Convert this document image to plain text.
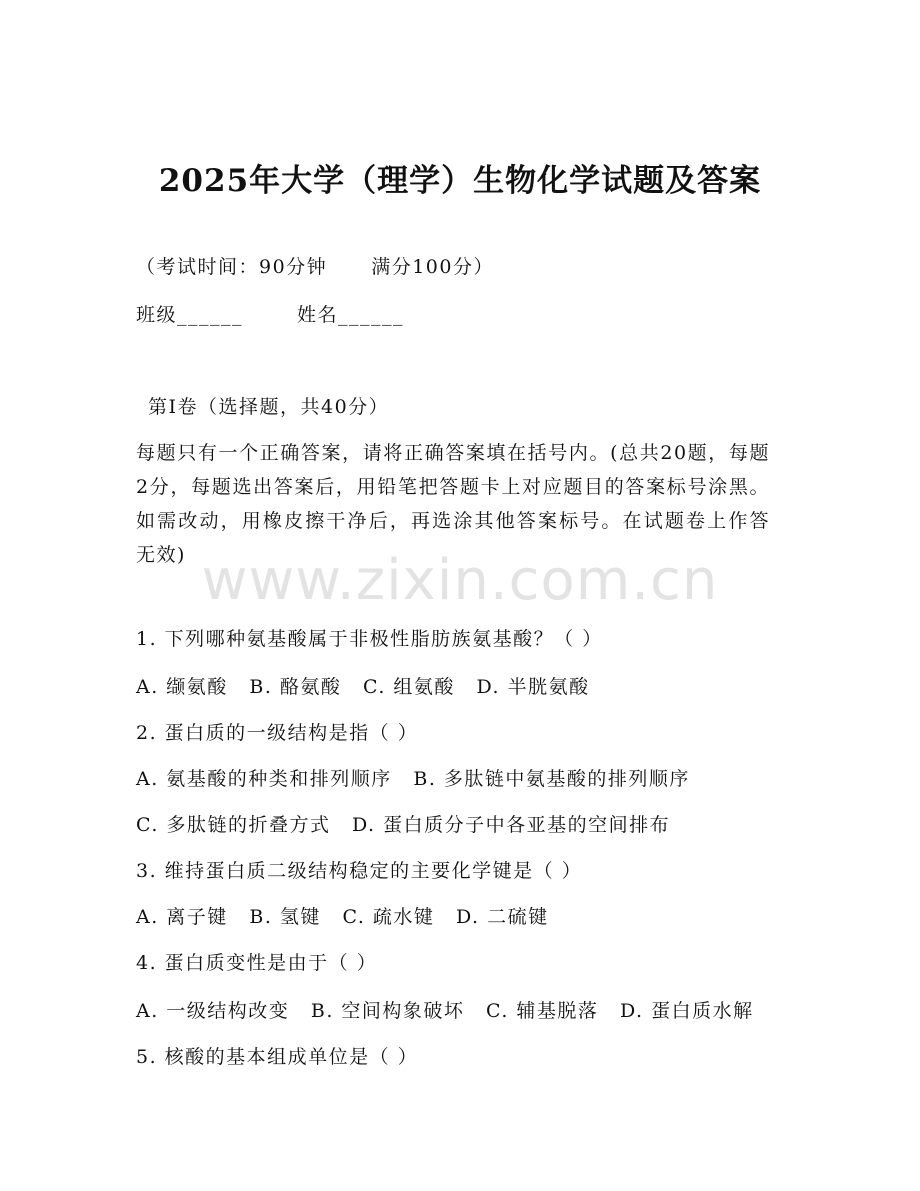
2025年大学（理学）生物化学试题及答案
（考试时间：90分钟 满分100分）
班级______	姓名______
第Ⅰ卷（选择题，共40分）
每题只有一个正确答案，请将正确答案填在括号内。(总共20题，每题2分，每题选出答案后，用铅笔把答题卡上对应题目的答案标号涂黑。如需改动，用橡皮擦干净后，再选涂其他答案标号。在试题卷上作答无效) www.zixin.com.cn
1. 下列哪种氨基酸属于非极性脂肪族氨基酸？（ ）
A. 缬氨酸 B. 酪氨酸 C. 组氨酸 D. 半胱氨酸
2. 蛋白质的一级结构是指（ ）
A. 氨基酸的种类和排列顺序 B. 多肽链中氨基酸的排列顺序
C. 多肽链的折叠方式 D. 蛋白质分子中各亚基的空间排布
3. 维持蛋白质二级结构稳定的主要化学键是（ ）
A. 离子键 B. 氢键 C. 疏水键 D. 二硫键
4. 蛋白质变性是由于（ ）
A. 一级结构改变 B. 空间构象破坏 C. 辅基脱落 D. 蛋白质水解
5. 核酸的基本组成单位是（ ）
